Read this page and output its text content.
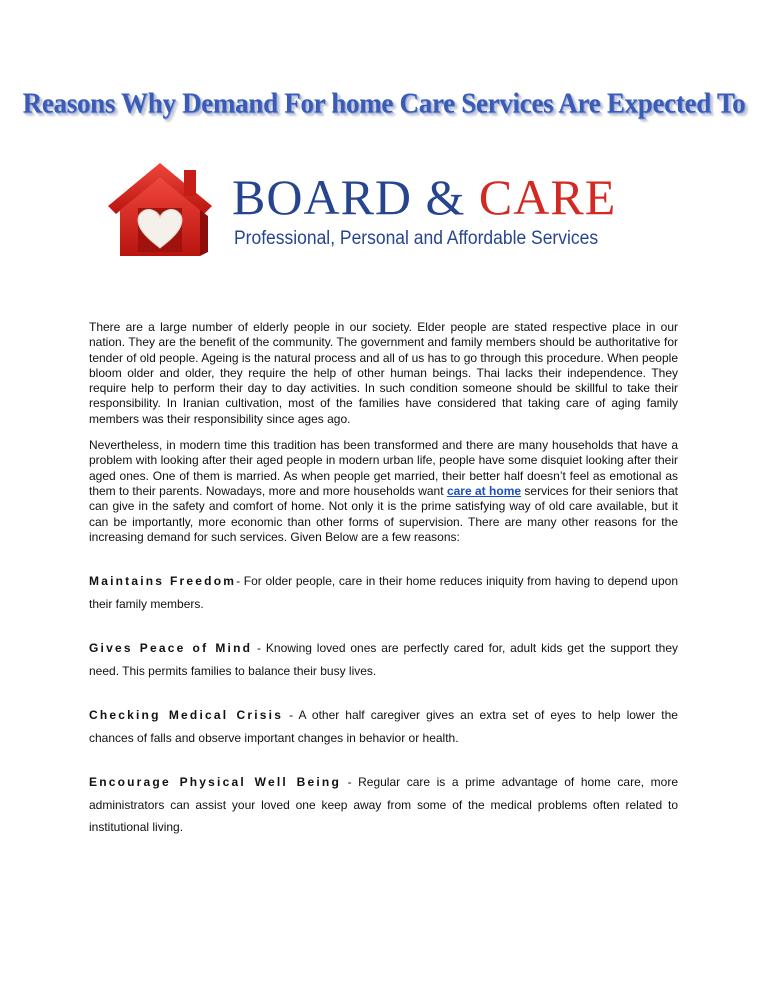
Reasons Why Demand For home Care Services Are Expected To
BOARD & CARE
Professional, Personal and Affordable Services

There are a large number of elderly people in our society. Elder people are stated respective place in our nation. They are the benefit of the community. The government and family members should be authoritative for tender of old people. Ageing is the natural process and all of us has to go through this procedure. When people bloom older and older, they require the help of other human beings. Thai lacks their independence. They require help to perform their day to day activities. In such condition someone should be skillful to take their responsibility. In Iranian cultivation, most of the families have considered that taking care of aging family members was their responsibility since ages ago.

Nevertheless, in modern time this tradition has been transformed and there are many households that have a problem with looking after their aged people in modern urban life, people have some disquiet looking after their aged ones. One of them is married. As when people get married, their better half doesn’t feel as emotional as them to their parents. Nowadays, more and more households want care at home services for their seniors that can give in the safety and comfort of home. Not only it is the prime satisfying way of old care available, but it can be importantly, more economic than other forms of supervision. There are many other reasons for the increasing demand for such services. Given Below are a few reasons:

Maintains Freedom- For older people, care in their home reduces iniquity from having to depend upon their family members.

Gives Peace of Mind - Knowing loved ones are perfectly cared for, adult kids get the support they need. This permits families to balance their busy lives.

Checking Medical Crisis - A other half caregiver gives an extra set of eyes to help lower the chances of falls and observe important changes in behavior or health.

Encourage Physical Well Being - Regular care is a prime advantage of home care, more administrators can assist your loved one keep away from some of the medical problems often related to institutional living.
